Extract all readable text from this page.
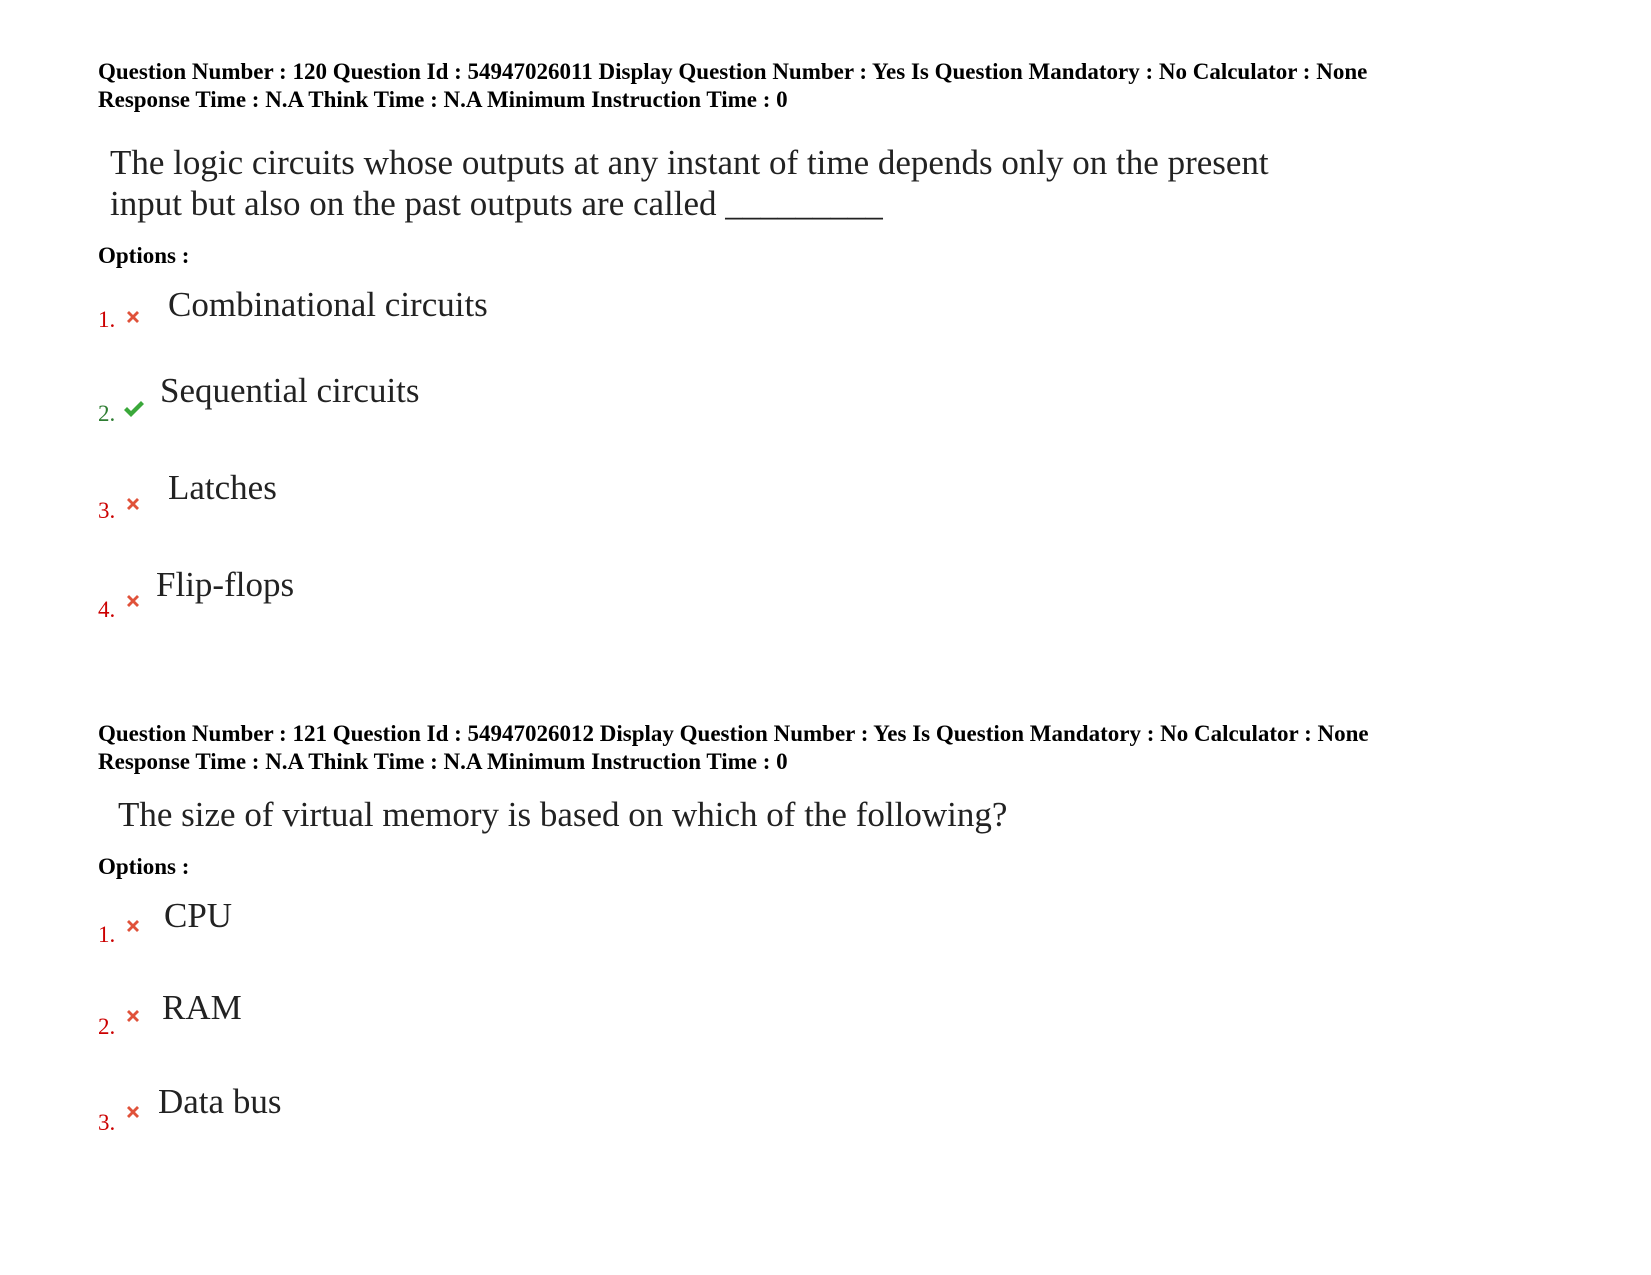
Question Number : 120 Question Id : 54947026011 Display Question Number : Yes Is Question Mandatory : No Calculator : None
Response Time : N.A Think Time : N.A Minimum Instruction Time : 0
The logic circuits whose outputs at any instant of time depends only on the present
input but also on the past outputs are called _________
Options :
1. Combinational circuits
2.
Sequential circuits
3.
Latches
4.
Flip-flops
Question Number : 121 Question Id : 54947026012 Display Question Number : Yes Is Question Mandatory : No Calculator : None
Response Time : N.A Think Time : N.A Minimum Instruction Time : 0
The size of virtual memory is based on which of the following?
Options :
1. CPU
2. RAM
3.
Data bus
